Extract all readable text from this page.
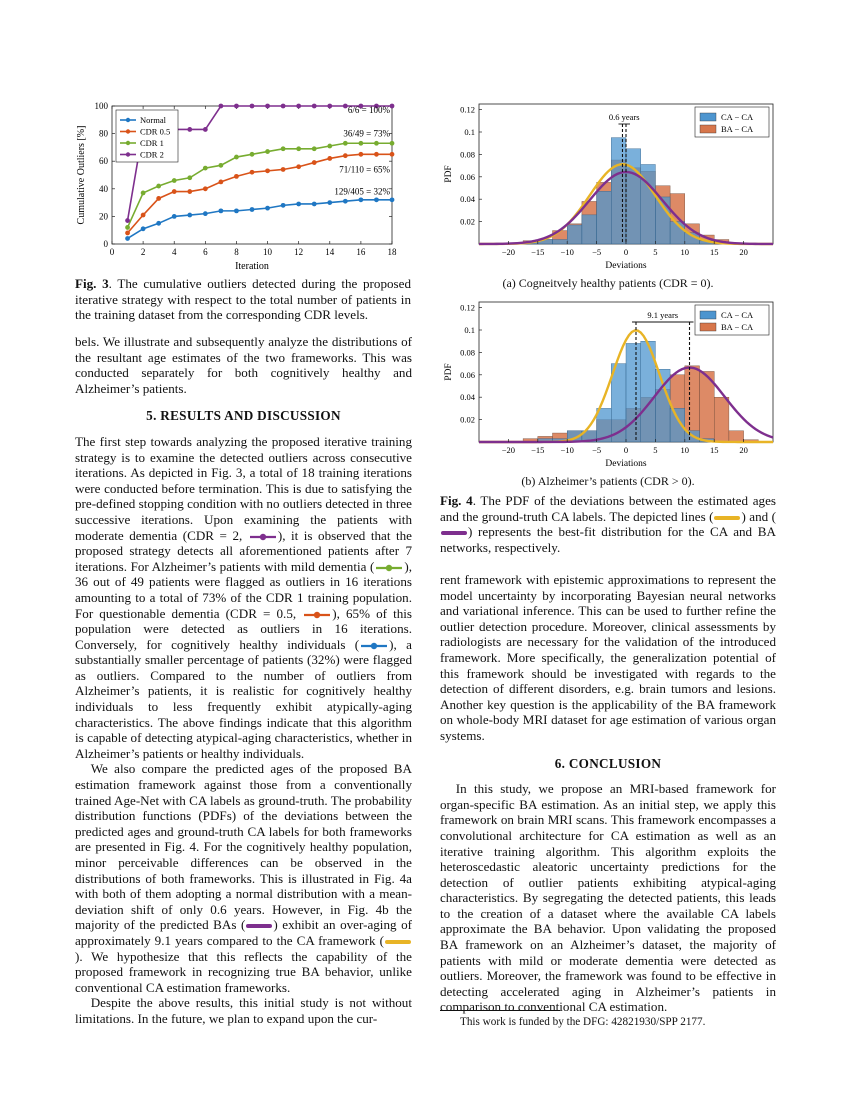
0	2	4	6	8	10 12 14 16 18
0
20
40
60
80
100
Iteration
Cumulative Outliers [%]
6/6 = 100%
36/49 = 73%
71/110 = 65%
129/405 = 32%
Normal
CDR 0.5
CDR 1
CDR 2
Fig. 3. The cumulative outliers detected during the proposed iterative strategy with respect to the total number of patients in the training dataset from the corresponding CDR levels.
0.6 years
−20 −15 −10 −5	0	5	10 15 20
0.02
0.04
0.06
0.08
0.1
0.12
Deviations
PDF
CA − CA
BA − CA
(a) Cogneitvely healthy patients (CDR = 0).
9.1 years
−20 −15 −10 −5	0	5	10 15 20
0.02
0.04
0.06
0.08
0.1
0.12
Deviations
PDF
CA − CA
BA − CA
(b) Alzheimer’s patients (CDR > 0).
Fig. 4. The PDF of the deviations between the estimated ages and the ground-truth CA labels. The depicted lines ( ) and () represents the best-fit distribution for the CA and BA networks, respectively.

bels. We illustrate and subsequently analyze the distributions of the resultant age estimates of the two frameworks. This was conducted separately for both cognitively healthy and Alzheimer’s patients.

5. RESULTS AND DISCUSSION

The first step towards analyzing the proposed iterative training strategy is to examine the detected outliers across consecutive iterations. As depicted in Fig. 3, a total of 18 training iterations were conducted before termination. This is due to satisfying the pre-defined stopping condition with no outliers detected in three successive iterations. Upon examining the patients with moderate dementia (CDR = 2,	), it is observed that the proposed strategy detects all aforementioned patients after 7 iterations. For Alzheimer’s patients with mild dementia ( ), 36 out of 49 patients were flagged as outliers in 16 iterations amounting to a total of 73% of the CDR 1 training population. For questionable dementia (CDR = 0.5,	), 65% of this population were detected as outliers in 16 iterations. Conversely, for cognitively healthy individuals ( ), a substantially smaller percentage of patients (32%) were flagged as outliers. Compared to the number of outliers from Alzheimer’s patients, it is realistic for cognitively healthy individuals to less frequently exhibit atypically-aging characteristics. The above findings indicate that this algorithm is capable of detecting atypical-aging characteristics, whether in Alzheimer’s patients or healthy individuals.

We also compare the predicted ages of the proposed BA estimation framework against those from a conventionally trained Age-Net with CA labels as ground-truth. The probability distribution functions (PDFs) of the deviations between the predicted ages and ground-truth CA labels for both frameworks are presented in Fig. 4. For the cognitively healthy population, minor perceivable differences can be observed in the distributions of both frameworks. This is illustrated in Fig. 4a with both of them adopting a normal distribution with a mean-deviation shift of only 0.6 years. However, in Fig. 4b the majority of the predicted BAs ( ) exhibit an over-aging of approximately 9.1 years compared to the CA framework (). We hypothesize that this reflects the capability of the proposed framework in recognizing true BA behavior, unlike conventional CA estimation frameworks.

Despite the above results, this initial study is not without limitations. In the future, we plan to expand upon the cur-

rent framework with epistemic approximations to represent the model uncertainty by incorporating Bayesian neural networks and variational inference. This can be used to further refine the outlier detection procedure. Moreover, clinical assessments by radiologists are necessary for the validation of the introduced framework. More specifically, the generalization potential of this framework should be investigated with regards to the detection of different disorders, e.g. brain tumors and lesions. Another key question is the applicability of the BA framework on whole-body MRI dataset for age estimation of various organ systems.

6. CONCLUSION

In this study, we propose an MRI-based framework for organ-specific BA estimation. As an initial step, we apply this framework on brain MRI scans. This framework encompasses a convolutional architecture for CA estimation as well as an iterative training algorithm. This algorithm exploits the heteroscedastic aleatoric uncertainty predictions for the detection of outlier patients exhibiting atypical-aging characteristics. By segregating the detected patients, this leads to the creation of a dataset where the available CA labels approximate the BA behavior. Upon validating the proposed BA framework on an Alzheimer’s dataset, the majority of patients with mild or moderate dementia were detected as outliers. Moreover, the framework was found to be effective in detecting accelerated aging in Alzheimer’s patients in comparison to conventional CA estimation.

This work is funded by the DFG: 42821930/SPP 2177.
